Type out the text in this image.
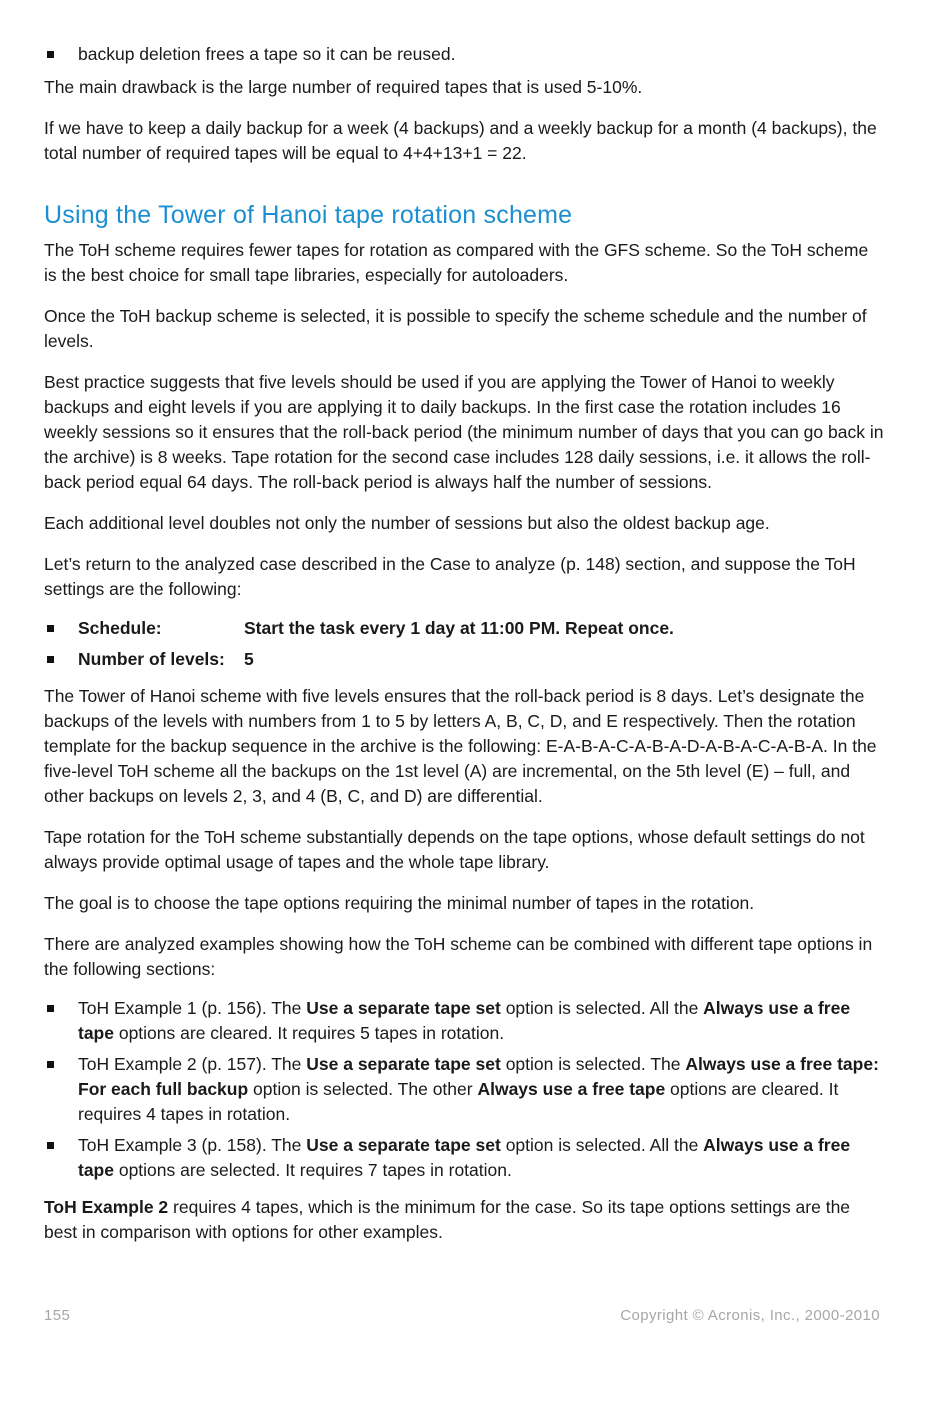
backup deletion frees a tape so it can be reused.

The main drawback is the large number of required tapes that is used 5-10%.

If we have to keep a daily backup for a week (4 backups) and a weekly backup for a month (4 backups), the total number of required tapes will be equal to 4+4+13+1 = 22.

Using the Tower of Hanoi tape rotation scheme

The ToH scheme requires fewer tapes for rotation as compared with the GFS scheme. So the ToH scheme is the best choice for small tape libraries, especially for autoloaders.

Once the ToH backup scheme is selected, it is possible to specify the scheme schedule and the number of levels.

Best practice suggests that five levels should be used if you are applying the Tower of Hanoi to weekly backups and eight levels if you are applying it to daily backups. In the first case the rotation includes 16 weekly sessions so it ensures that the roll-back period (the minimum number of days that you can go back in the archive) is 8 weeks. Tape rotation for the second case includes 128 daily sessions, i.e. it allows the roll-back period equal 64 days. The roll-back period is always half the number of sessions.

Each additional level doubles not only the number of sessions but also the oldest backup age.

Let’s return to the analyzed case described in the Case to analyze (p. 148) section, and suppose the ToH settings are the following:

Schedule:	Start the task every 1 day at 11:00 PM. Repeat once.
Number of levels: 5

The Tower of Hanoi scheme with five levels ensures that the roll-back period is 8 days. Let’s designate the backups of the levels with numbers from 1 to 5 by letters A, B, C, D, and E respectively. Then the rotation template for the backup sequence in the archive is the following: E-A-B-A-C-A-B-A-D-A-B-A-C-A-B-A. In the five-level ToH scheme all the backups on the 1st level (A) are incremental, on the 5th level (E) – full, and other backups on levels 2, 3, and 4 (B, C, and D) are differential.

Tape rotation for the ToH scheme substantially depends on the tape options, whose default settings do not always provide optimal usage of tapes and the whole tape library.

The goal is to choose the tape options requiring the minimal number of tapes in the rotation.

There are analyzed examples showing how the ToH scheme can be combined with different tape options in the following sections:

ToH Example 1 (p. 156). The Use a separate tape set option is selected. All the Always use a free tape options are cleared. It requires 5 tapes in rotation.
ToH Example 2 (p. 157). The Use a separate tape set option is selected. The Always use a free tape: For each full backup option is selected. The other Always use a free tape options are cleared. It requires 4 tapes in rotation.
ToH Example 3 (p. 158). The Use a separate tape set option is selected. All the Always use a free tape options are selected. It requires 7 tapes in rotation.

ToH Example 2 requires 4 tapes, which is the minimum for the case. So its tape options settings are the best in comparison with options for other examples.

155	Copyright © Acronis, Inc., 2000-2010
